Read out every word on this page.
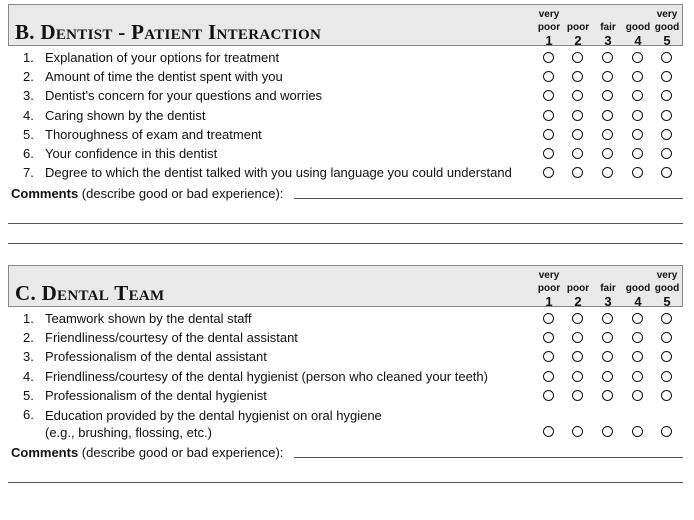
B. Dentist - Patient Interaction
very
poor
1
poor
2
fair
3
good
4
very
good
5
1. Explanation of your options for treatment . . .
2. Amount of time the dentist spent with you . . .
3. Dentist's concern for your questions and worries . . .
4. Caring shown by the dentist . . .
5. Thoroughness of exam and treatment . . .
6. Your confidence in this dentist . . .
7. Degree to which the dentist talked with you using language you could understand . . .
Comments (describe good or bad experience):
C. Dental Team
very
poor
1
poor
2
fair
3
good
4
very
good
5
1. Teamwork shown by the dental staff . . .
2. Friendliness/courtesy of the dental assistant . . .
3. Professionalism of the dental assistant . . .
4. Friendliness/courtesy of the dental hygienist (person who cleaned your teeth) . . .
5. Professionalism of the dental hygienist . . .
6. Education provided by the dental hygienist on oral hygiene
(e.g., brushing, flossing, etc.) . . .
Comments (describe good or bad experience):
